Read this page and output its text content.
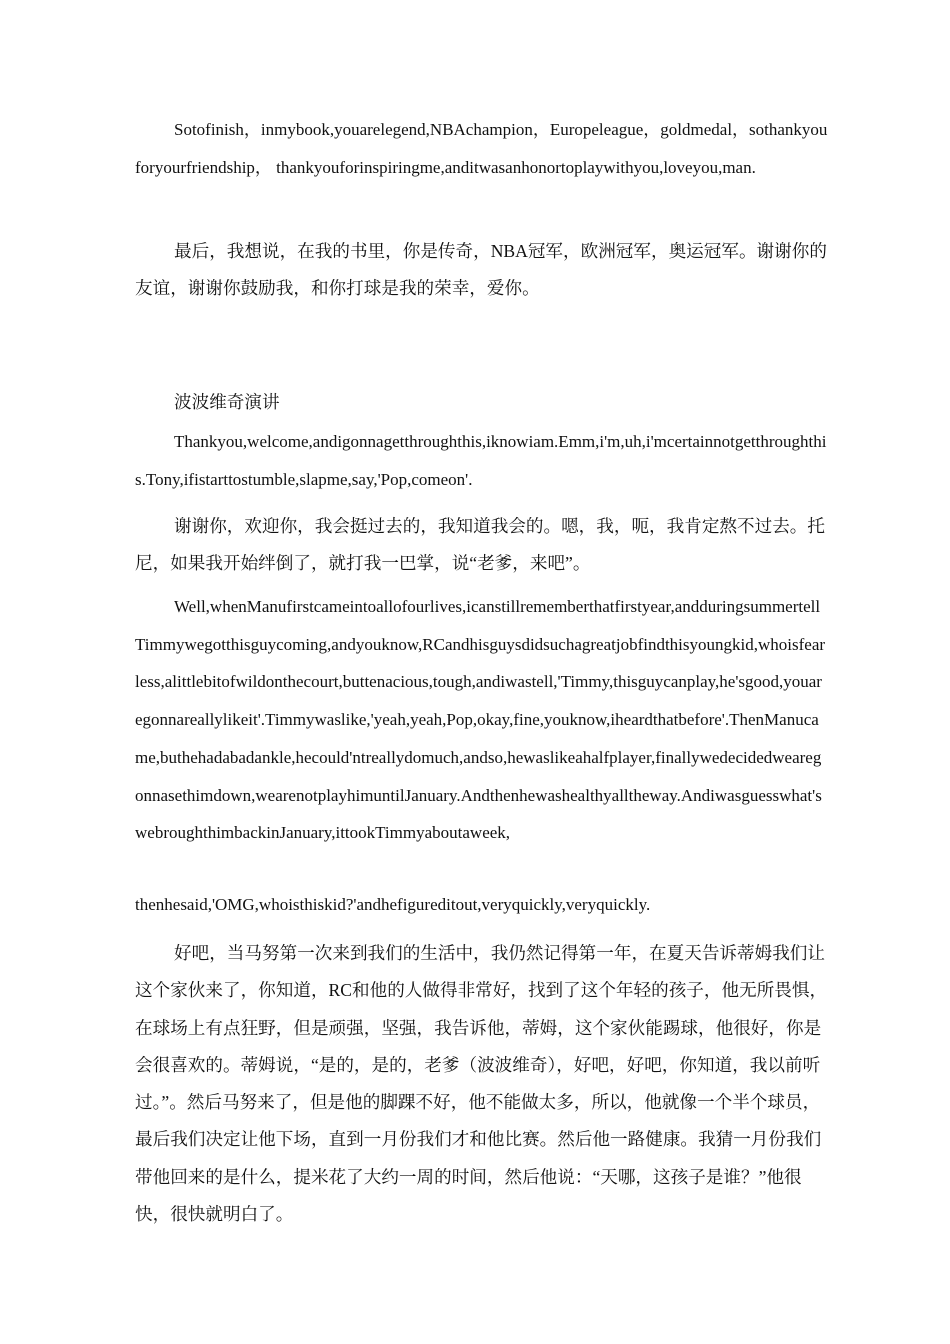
Sotofinish，inmybook,youarelegend,NBAchampion，Europeleague，goldmedal，sothankyouforyourfriendship， thankyouforinspiringme,anditwasanhonortoplaywithyou,loveyou,man.

最后，我想说，在我的书里，你是传奇，NBA冠军，欧洲冠军，奥运冠军。谢谢你的友谊，谢谢你鼓励我，和你打球是我的荣幸，爱你。

波波维奇演讲

Thankyou,welcome,andigonnagetthroughthis,iknowiam.Emm,i'm,uh,i'mcertainnotgetthroughthis.Tony,ifistarttostumble,slapme,say,'Pop,comeon'.

谢谢你，欢迎你，我会挺过去的，我知道我会的。嗯，我，呃，我肯定熬不过去。托尼，如果我开始绊倒了，就打我一巴掌，说“老爹，来吧”。

Well,whenManufirstcameintoallofourlives,icanstillrememberthatfirstyear,andduringsummertellTimmywegotthisguycoming,andyouknow,RCandhisguysdidsuchagreatjobfindthisyoungkid,whoisfearless,alittlebitofwildonthecourt,buttenacious,tough,andiwastell,'Timmy,thisguycanplay,he'sgood,youaregonnareallylikeit'.Timmywaslike,'yeah,yeah,Pop,okay,fine,youknow,iheardthatbefore'.ThenManucame,buthehadabadankle,hecould'ntreallydomuch,andso,hewaslikeahalfplayer,finallywedecidedwearegonnasethimdown,wearenotplayhimuntilJanuary.Andthenhewashealthyalltheway.Andiwasguesswhat'swebroughthimbackinJanuary,ittookTimmyaboutaweek,

thenhesaid,'OMG,whoisthiskid?'andhefigureditout,veryquickly,veryquickly.

好吧，当马努第一次来到我们的生活中，我仍然记得第一年，在夏天告诉蒂姆我们让这个家伙来了，你知道，RC和他的人做得非常好，找到了这个年轻的孩子，他无所畏惧，在球场上有点狂野，但是顽强，坚强，我告诉他，蒂姆，这个家伙能踢球，他很好，你是会很喜欢的。蒂姆说，“是的，是的，老爹（波波维奇），好吧，好吧，你知道，我以前听过。”。然后马努来了，但是他的脚踝不好，他不能做太多，所以，他就像一个半个球员，最后我们决定让他下场，直到一月份我们才和他比赛。然后他一路健康。我猜一月份我们带他回来的是什么，提米花了大约一周的时间，然后他说：“天哪，这孩子是谁？”他很快，很快就明白了。
